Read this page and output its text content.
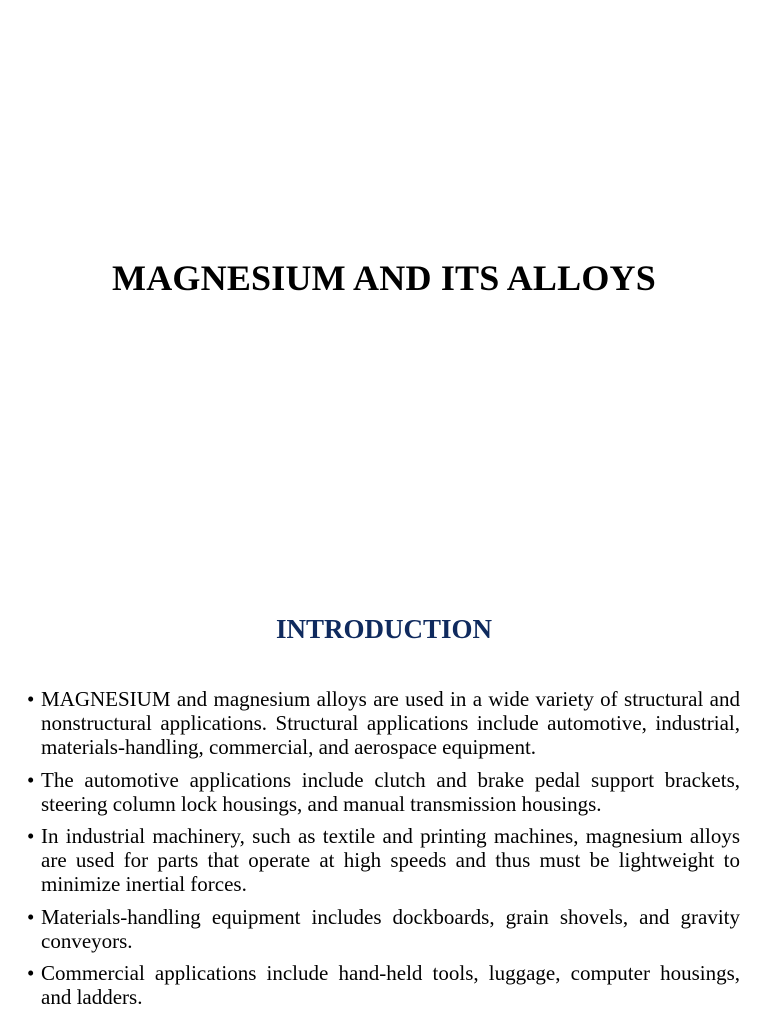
MAGNESIUM AND ITS ALLOYS
INTRODUCTION
• MAGNESIUM and magnesium alloys are used in a wide variety of structural and nonstructural applications. Structural applications include automotive, industrial, materials-handling, commercial, and aerospace equipment.
• The automotive applications include clutch and brake pedal support brackets, steering column lock housings, and manual transmission housings.
• In industrial machinery, such as textile and printing machines, magnesium alloys are used for parts that operate at high speeds and thus must be lightweight to minimize inertial forces.
• Materials-handling equipment includes dockboards, grain shovels, and gravity conveyors.
• Commercial applications include hand-held tools, luggage, computer housings, and ladders.
